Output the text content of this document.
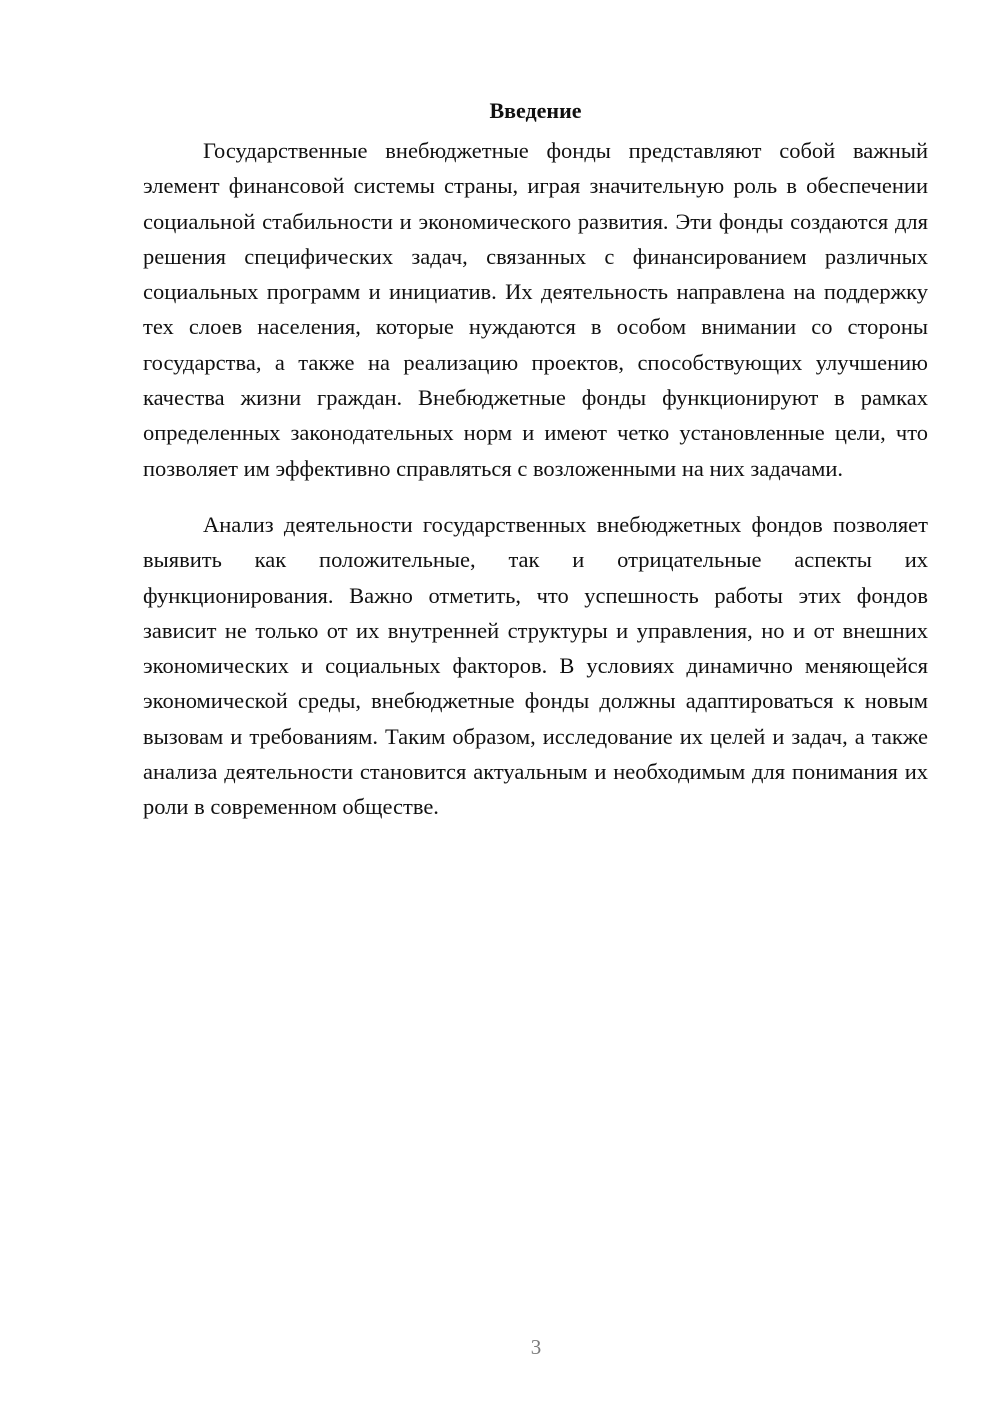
Введение

Государственные внебюджетные фонды представляют собой важный элемент финансовой системы страны, играя значительную роль в обеспечении социальной стабильности и экономического развития. Эти фонды создаются для решения специфических задач, связанных с финансированием различных социальных программ и инициатив. Их деятельность направлена на поддержку тех слоев населения, которые нуждаются в особом внимании со стороны государства, а также на реализацию проектов, способствующих улучшению качества жизни граждан. Внебюджетные фонды функционируют в рамках определенных законодательных норм и имеют четко установленные цели, что позволяет им эффективно справляться с возложенными на них задачами.

Анализ деятельности государственных внебюджетных фондов позволяет выявить как положительные, так и отрицательные аспекты их функционирования. Важно отметить, что успешность работы этих фондов зависит не только от их внутренней структуры и управления, но и от внешних экономических и социальных факторов. В условиях динамично меняющейся экономической среды, внебюджетные фонды должны адаптироваться к новым вызовам и требованиям. Таким образом, исследование их целей и задач, а также анализа деятельности становится актуальным и необходимым для понимания их роли в современном обществе.

3
